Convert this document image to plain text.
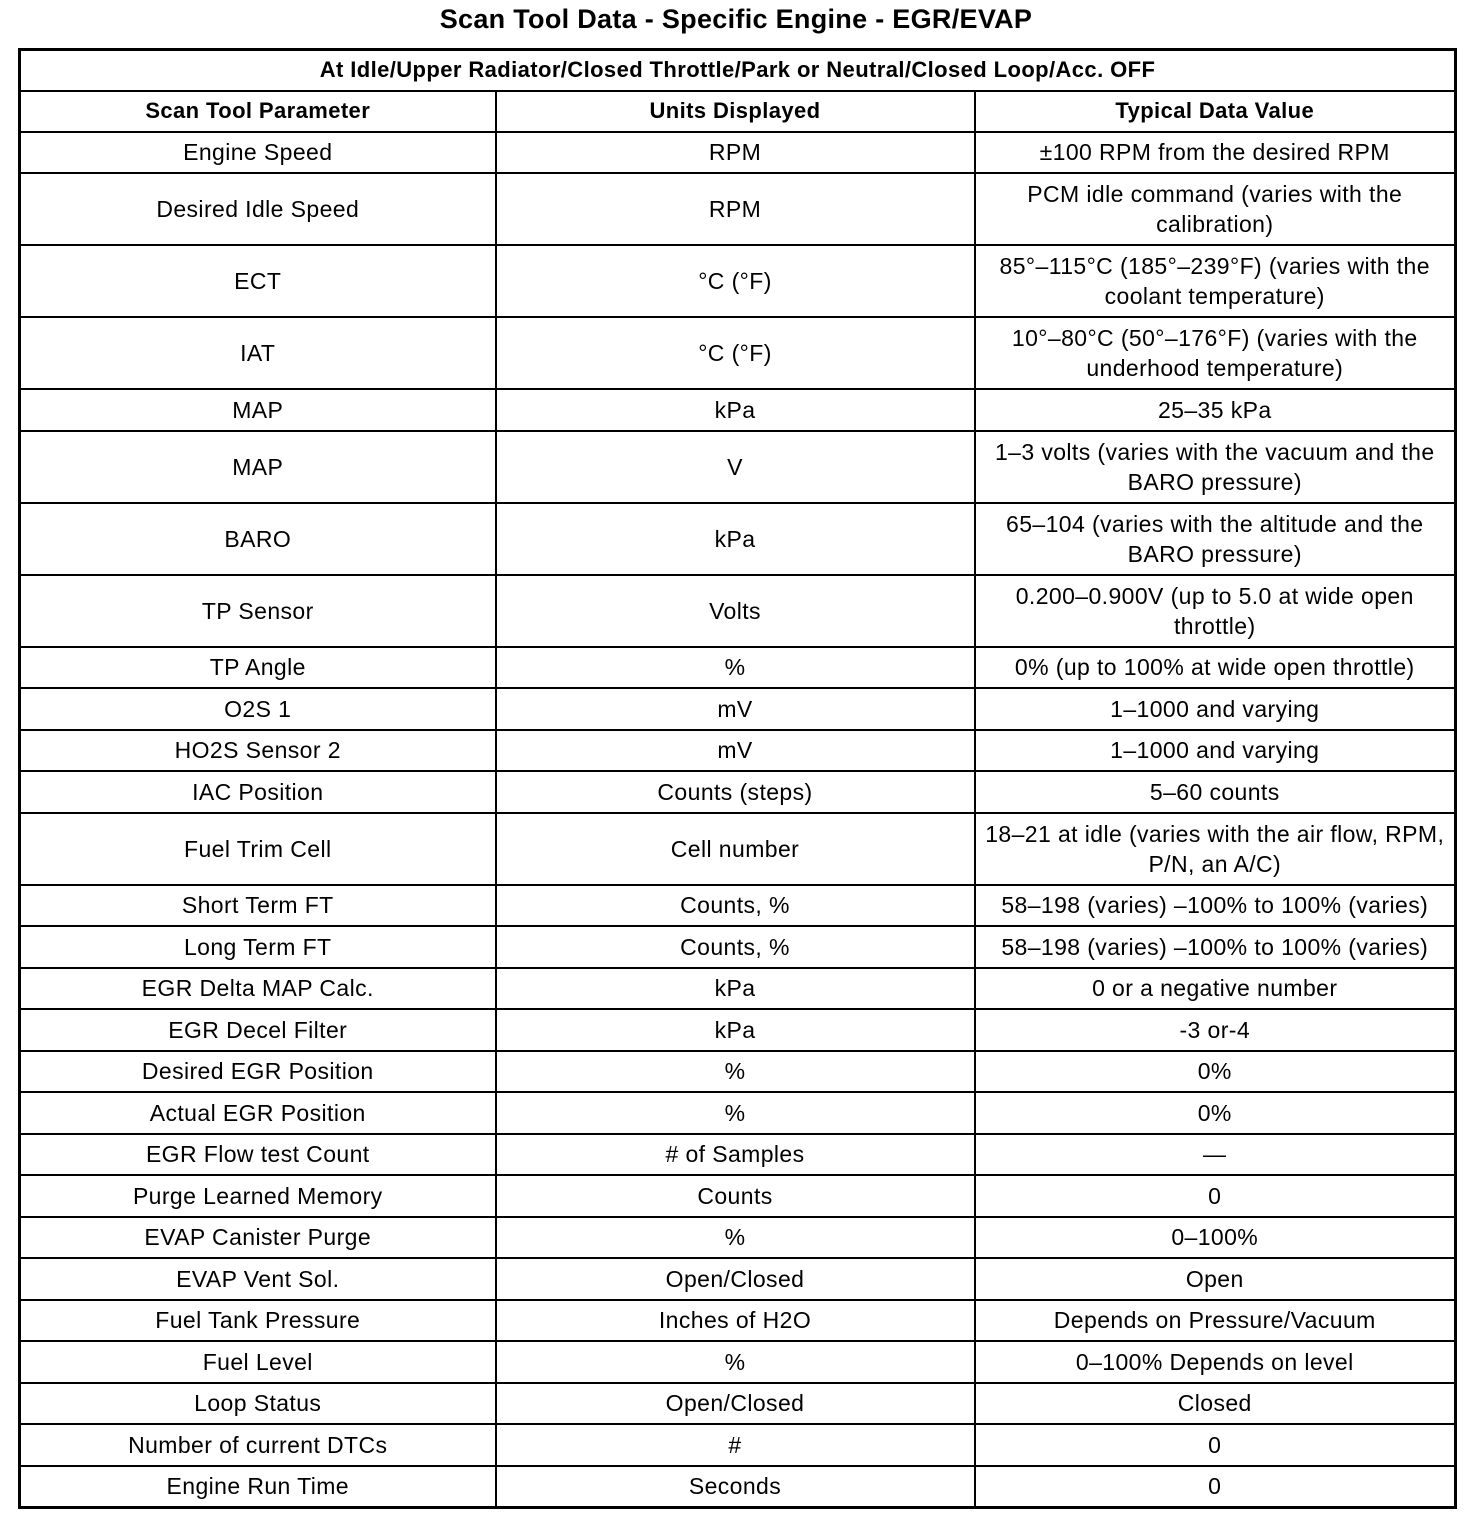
Scan Tool Data - Specific Engine - EGR/EVAP
At Idle/Upper Radiator/Closed Throttle/Park or Neutral/Closed Loop/Acc. OFF		
Scan Tool Parameter	Units Displayed	Typical Data Value
Engine Speed	RPM	±100 RPM from the desired RPM
Desired Idle Speed	RPM	PCM idle command (varies with the calibration)
ECT	°C (°F)	85°–115°C (185°–239°F) (varies with the coolant temperature)
IAT	°C (°F)	10°–80°C (50°–176°F) (varies with the underhood temperature)
MAP	kPa	25–35 kPa
MAP	V	1–3 volts (varies with the vacuum and the BARO pressure)
BARO	kPa	65–104 (varies with the altitude and the BARO pressure)
TP Sensor	Volts	0.200–0.900V (up to 5.0 at wide open throttle)
TP Angle	%	0% (up to 100% at wide open throttle)
O2S 1	mV	1–1000 and varying
HO2S Sensor 2	mV	1–1000 and varying
IAC Position	Counts (steps)	5–60 counts
Fuel Trim Cell	Cell number	18–21 at idle (varies with the air flow, RPM, P/N, an A/C)
Short Term FT	Counts, %	58–198 (varies) –100% to 100% (varies)
Long Term FT	Counts, %	58–198 (varies) –100% to 100% (varies)
EGR Delta MAP Calc.	kPa	0 or a negative number
EGR Decel Filter	kPa	-3 or-4
Desired EGR Position	%	0%
Actual EGR Position	%	0%
EGR Flow test Count	# of Samples	—
Purge Learned Memory	Counts	0
EVAP Canister Purge	%	0–100%
EVAP Vent Sol.	Open/Closed	Open
Fuel Tank Pressure	Inches of H2O	Depends on Pressure/Vacuum
Fuel Level	%	0–100% Depends on level
Loop Status	Open/Closed	Closed
Number of current DTCs	#	0
Engine Run Time	Seconds	0
